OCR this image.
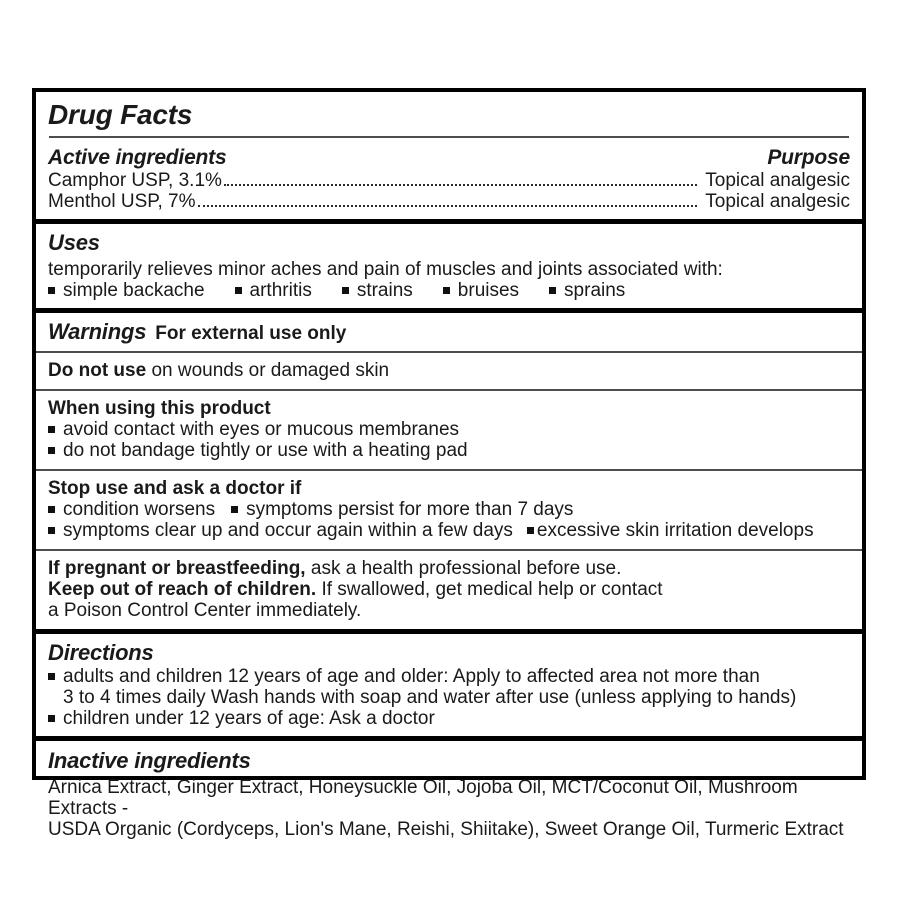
Drug Facts
Active ingredients	Purpose
Camphor USP, 3.1%	Topical analgesic
Menthol USP, 7%	Topical analgesic
Uses
temporarily relieves minor aches and pain of muscles and joints associated with:
simple backache arthritis strains bruises sprains
Warnings For external use only
Do not use on wounds or damaged skin
When using this product
avoid contact with eyes or mucous membranes
do not bandage tightly or use with a heating pad
Stop use and ask a doctor if
condition worsens symptoms persist for more than 7 days
symptoms clear up and occur again within a few days excessive skin irritation develops
If pregnant or breastfeeding, ask a health professional before use.
Keep out of reach of children. If swallowed, get medical help or contact
a Poison Control Center immediately.
Directions
adults and children 12 years of age and older: Apply to affected area not more than
3 to 4 times daily Wash hands with soap and water after use (unless applying to hands)
children under 12 years of age: Ask a doctor
Inactive ingredients
Arnica Extract, Ginger Extract, Honeysuckle Oil, Jojoba Oil, MCT/Coconut Oil, Mushroom Extracts -
USDA Organic (Cordyceps, Lion's Mane, Reishi, Shiitake), Sweet Orange Oil, Turmeric Extract
